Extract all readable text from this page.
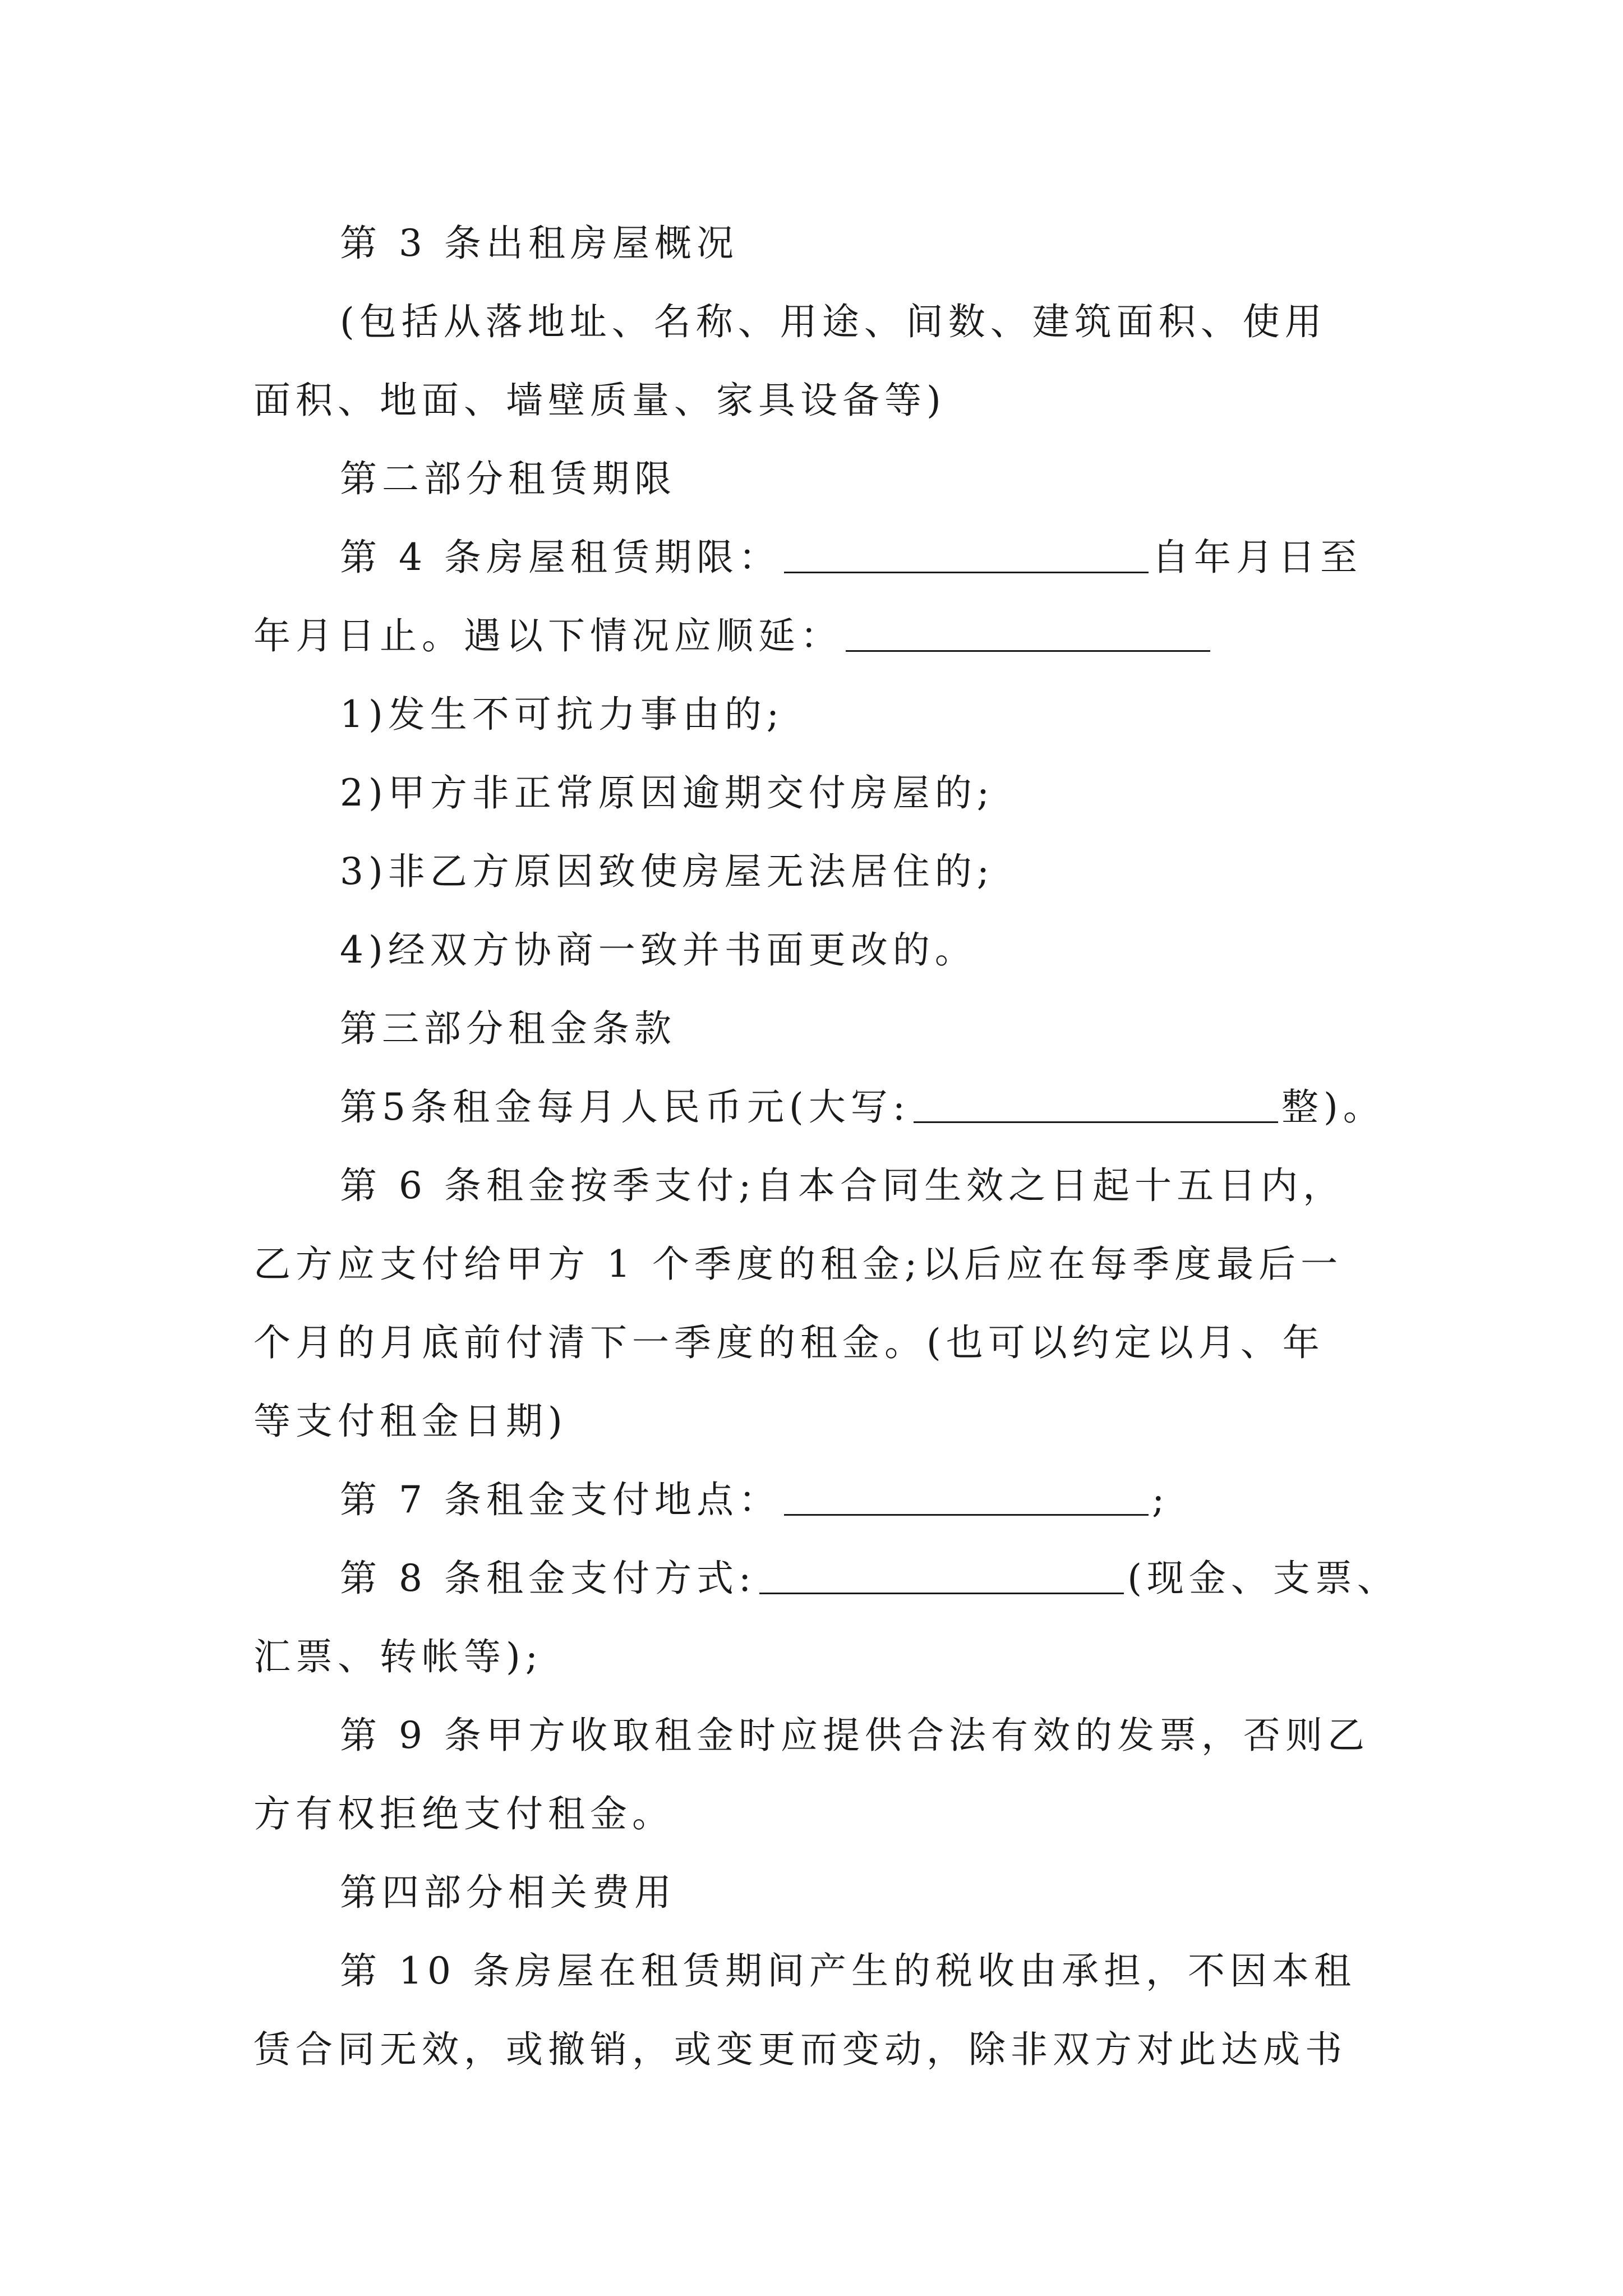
第 3 条出租房屋概况
(包括从落地址、名称、用途、间数、建筑面积、使用
面积、地面、墙壁质量、家具设备等)
第二部分租赁期限
第 4 条房屋租赁期限：	自年月日至
年月日止。遇以下情况应顺延：
1)发生不可抗力事由的;
2)甲方非正常原因逾期交付房屋的;
3)非乙方原因致使房屋无法居住的;
4)经双方协商一致并书面更改的。
第三部分租金条款
第5条租金每月人民币元(大写:	整)。
第 6 条租金按季支付;自本合同生效之日起十五日内，
乙方应支付给甲方 1 个季度的租金;以后应在每季度最后一
个月的月底前付清下一季度的租金。(也可以约定以月、年
等支付租金日期)
第 7 条租金支付地点：	;
第 8 条租金支付方式:	(现金、支票、
汇票、转帐等);
第 9 条甲方收取租金时应提供合法有效的发票，否则乙
方有权拒绝支付租金。
第四部分相关费用
第 10 条房屋在租赁期间产生的税收由承担，不因本租
赁合同无效，或撤销，或变更而变动，除非双方对此达成书
